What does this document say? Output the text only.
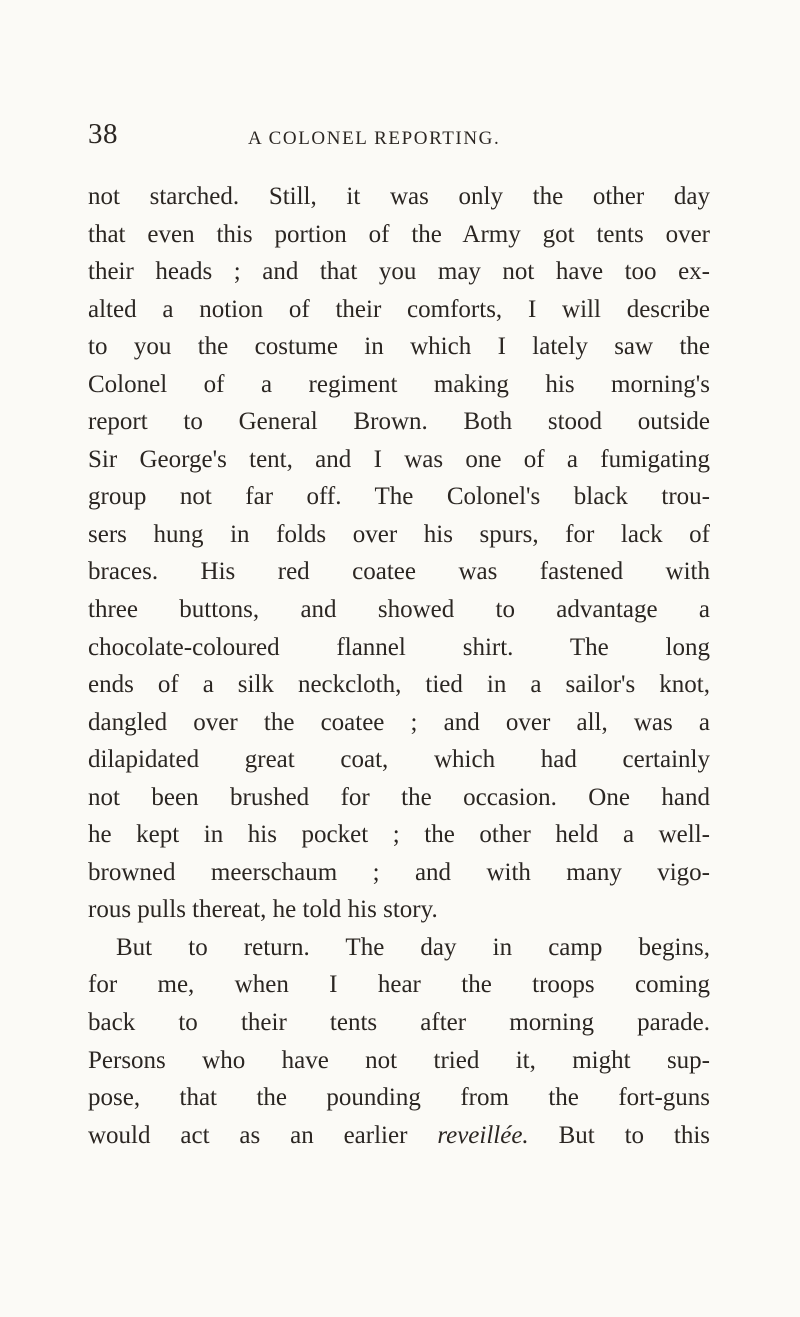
38	A COLONEL REPORTING.
not starched. Still, it was only the other day
that even this portion of the Army got tents over
their heads ; and that you may not have too ex-
alted a notion of their comforts, I will describe
to you the costume in which I lately saw the
Colonel of a regiment making his morning's
report to General Brown. Both stood outside
Sir George's tent, and I was one of a fumigating
group not far off. The Colonel's black trou-
sers hung in folds over his spurs, for lack of
braces. His red coatee was fastened with
three buttons, and showed to advantage a
chocolate-coloured flannel shirt. The long
ends of a silk neckcloth, tied in a sailor's knot,
dangled over the coatee ; and over all, was a
dilapidated great coat, which had certainly
not been brushed for the occasion. One hand
he kept in his pocket ; the other held a well-
browned meerschaum ; and with many vigo-
rous pulls thereat, he told his story.
But to return. The day in camp begins,
for me, when I hear the troops coming
back to their tents after morning parade.
Persons who have not tried it, might sup-
pose, that the pounding from the fort-guns
would act as an earlier reveillée. But to this
